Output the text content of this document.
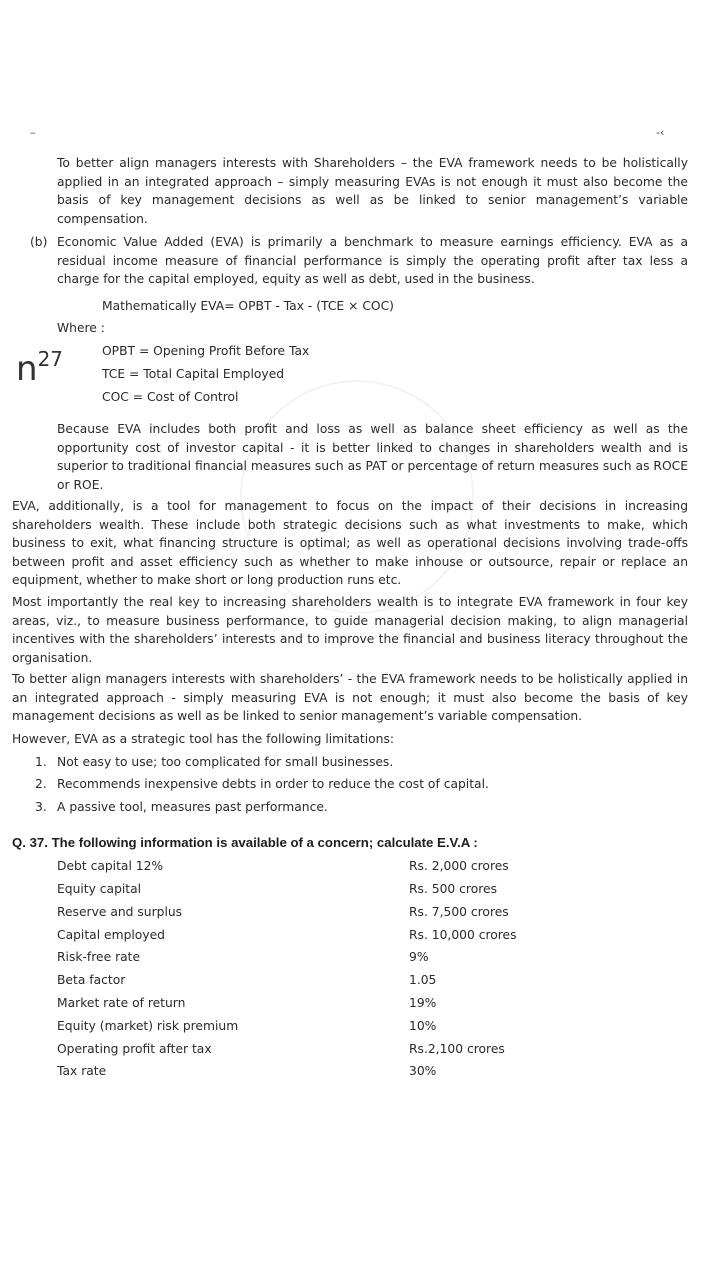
–	-‹

To better align managers interests with Shareholders – the EVA framework needs to be holistically applied in an integrated approach – simply measuring EVAs is not enough it must also become the basis of key management decisions as well as be linked to senior management’s variable compensation.

(b) Economic Value Added (EVA) is primarily a benchmark to measure earnings efficiency. EVA as a residual income measure of financial performance is simply the operating profit after tax less a charge for the capital employed, equity as well as debt, used in the business.

Mathematically EVA= OPBT - Tax - (TCE × COC)
Where :
$n^{27}$	OPBT = Opening Profit Before Tax
TCE = Total Capital Employed
COC = Cost of Control

Because EVA includes both profit and loss as well as balance sheet efficiency as well as the opportunity cost of investor capital - it is better linked to changes in shareholders wealth and is superior to traditional financial measures such as PAT or percentage of return measures such as ROCE or ROE.

EVA, additionally, is a tool for management to focus on the impact of their decisions in increasing shareholders wealth. These include both strategic decisions such as what investments to make, which business to exit, what financing structure is optimal; as well as operational decisions involving trade-offs between profit and asset efficiency such as whether to make inhouse or outsource, repair or replace an equipment, whether to make short or long production runs etc.

Most importantly the real key to increasing shareholders wealth is to integrate EVA framework in four key areas, viz., to measure business performance, to guide managerial decision making, to align managerial incentives with the shareholders’ interests and to improve the financial and business literacy throughout the organisation.

To better align managers interests with shareholders’ - the EVA framework needs to be holistically applied in an integrated approach - simply measuring EVA is not enough; it must also become the basis of key management decisions as well as be linked to senior management’s variable compensation.

However, EVA as a strategic tool has the following limitations:
1. Not easy to use; too complicated for small businesses.
2. Recommends inexpensive debts in order to reduce the cost of capital.
3. A passive tool, measures past performance.
Q. 37. The following information is available of a concern; calculate E.V.A :
Debt capital 12%	Rs. 2,000 crores
Equity capital	Rs. 500 crores
Reserve and surplus	Rs. 7,500 crores
Capital employed	Rs. 10,000 crores
Risk-free rate	9%
Beta factor	1.05
Market rate of return	19%
Equity (market) risk premium	10%
Operating profit after tax	Rs.2,100 crores
Tax rate	30%
